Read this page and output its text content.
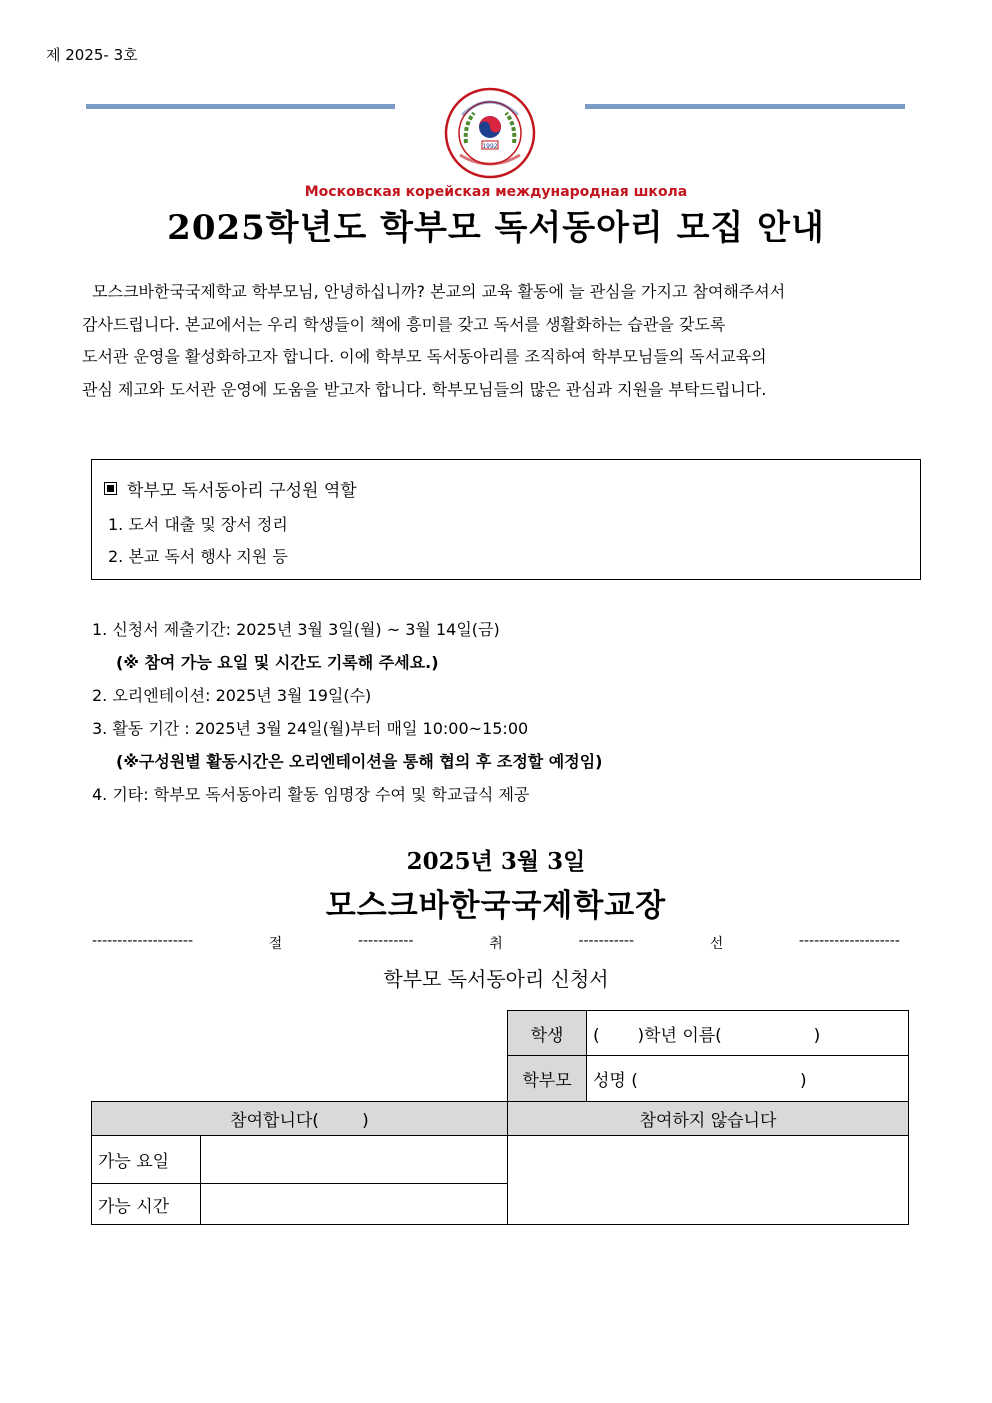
제 2025- 3호
1992
Московская корейская международная школа
2025학년도 학부모 독서동아리 모집 안내
모스크바한국국제학교 학부모님, 안녕하십니까? 본교의 교육 활동에 늘 관심을 가지고 참여해주셔서
감사드립니다. 본교에서는 우리 학생들이 책에 흥미를 갖고 독서를 생활화하는 습관을 갖도록
도서관 운영을 활성화하고자 합니다. 이에 학부모 독서동아리를 조직하여 학부모님들의 독서교육의
관심 제고와 도서관 운영에 도움을 받고자 합니다. 학부모님들의 많은 관심과 지원을 부탁드립니다.
학부모 독서동아리 구성원 역할
1. 도서 대출 및 장서 정리
2. 본교 독서 행사 지원 등
1. 신청서 제출기간: 2025년 3월 3일(월) ~ 3월 14일(금)
(※ 참여 가능 요일 및 시간도 기록해 주세요.)
2. 오리엔테이션: 2025년 3월 19일(수)
3. 활동 기간 : 2025년 3월 24일(월)부터 매일 10:00~15:00
(※구성원별 활동시간은 오리엔테이션을 통해 협의 후 조정할 예정임)
4. 기타: 학부모 독서동아리 활동 임명장 수여 및 학교급식 제공
2025년 3월 3일
모스크바한국국제학교장
--------------------	절	-----------	취	-----------	선	--------------------
학부모 독서동아리 신청서
		학생	(       )학년 이름(                 )
		학부모	성명 (                              )
참여합니다(        )		참여하지 않습니다	
가능 요일			
가능 시간			
